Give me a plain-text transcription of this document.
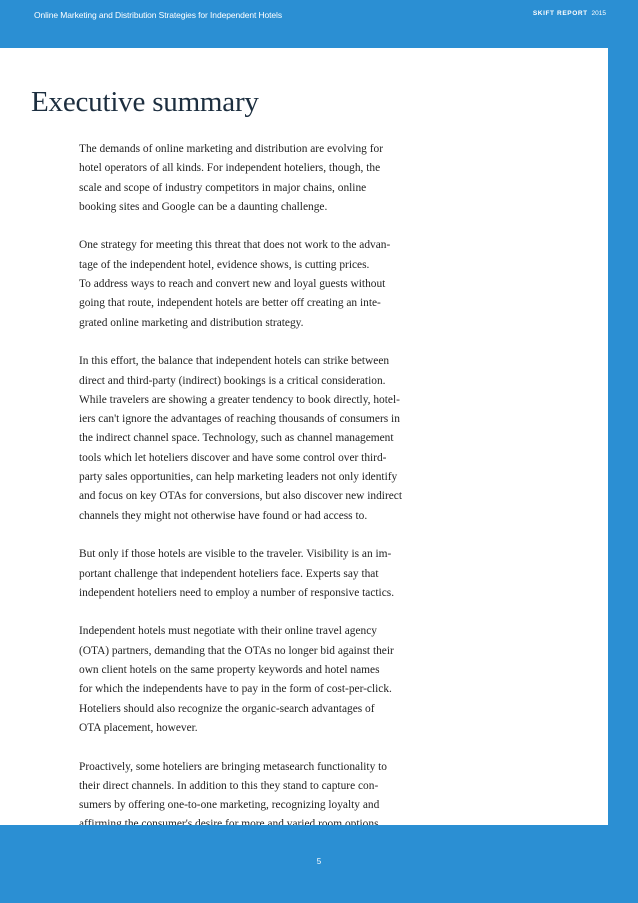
Online Marketing and Distribution Strategies for Independent Hotels	SKIFT REPORT 2015
Executive summary

The demands of online marketing and distribution are evolving for
hotel operators of all kinds. For independent hoteliers, though, the
scale and scope of industry competitors in major chains, online
booking sites and Google can be a daunting challenge.

One strategy for meeting this threat that does not work to the advan-
tage of the independent hotel, evidence shows, is cutting prices.
To address ways to reach and convert new and loyal guests without
going that route, independent hotels are better off creating an inte-
grated online marketing and distribution strategy.

In this effort, the balance that independent hotels can strike between
direct and third-party (indirect) bookings is a critical consideration.
While travelers are showing a greater tendency to book directly, hotel-
iers can't ignore the advantages of reaching thousands of consumers in
the indirect channel space. Technology, such as channel management
tools which let hoteliers discover and have some control over third-
party sales opportunities, can help marketing leaders not only identify
and focus on key OTAs for conversions, but also discover new indirect
channels they might not otherwise have found or had access to.

But only if those hotels are visible to the traveler. Visibility is an im-
portant challenge that independent hoteliers face. Experts say that
independent hoteliers need to employ a number of responsive tactics.

Independent hotels must negotiate with their online travel agency
(OTA) partners, demanding that the OTAs no longer bid against their
own client hotels on the same property keywords and hotel names
for which the independents have to pay in the form of cost-per-click.
Hoteliers should also recognize the organic-search advantages of
OTA placement, however.

Proactively, some hoteliers are bringing metasearch functionality to
their direct channels. In addition to this they stand to capture con-
sumers by offering one-to-one marketing, recognizing loyalty and

5
